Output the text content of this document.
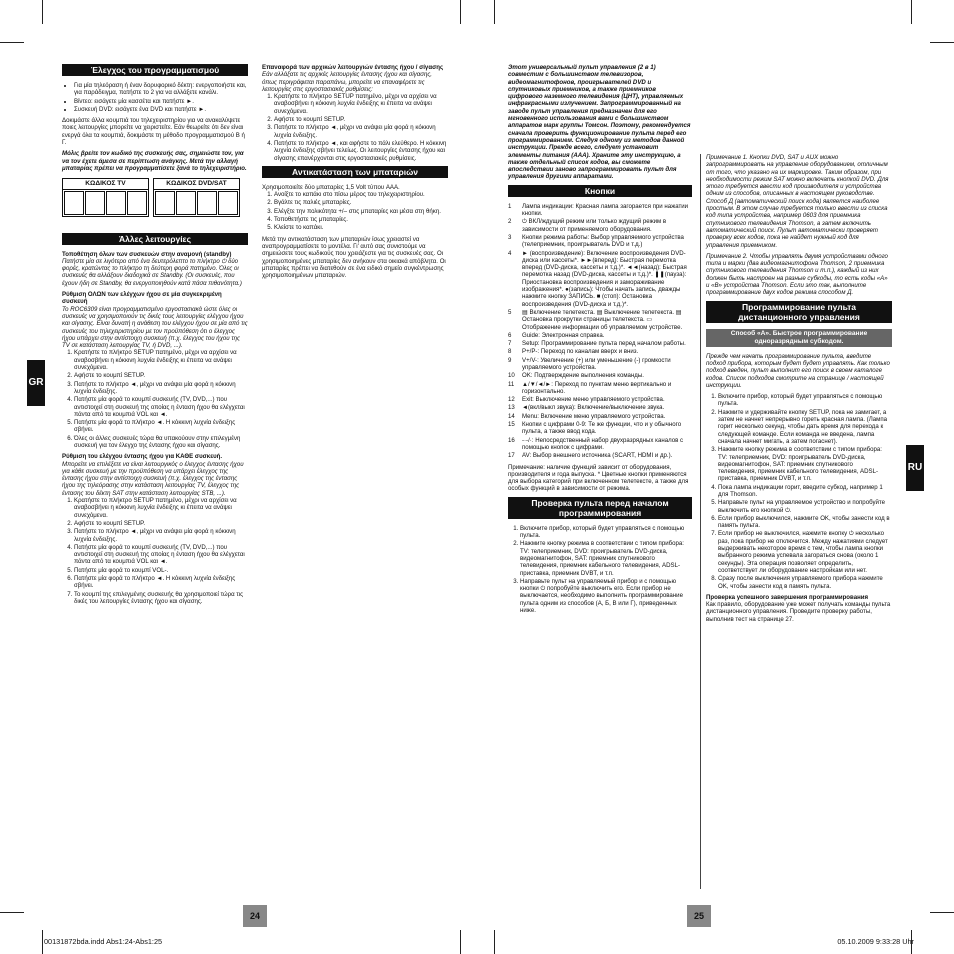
GR
RU
Έλεγχος του προγραμματισμού
• Για μία τηλεόραση ή έναν δορυφορικό δέκτη: ενεργοποιήστε και, για παράδειγμα, πατήστε το 2 για να αλλάξετε κανάλι.
• Βίντεο: εισάγετε μία κασσέτα και πατήστε ►.
• Συσκευή DVD: εισάγετε ένα DVD και πατήστε ►.

Δοκιμάστε άλλα κουμπιά του τηλεχειριστηρίου για να ανακαλύψετε ποιες λειτουργίες μπορείτε να χειριστείτε. Εάν θεωρείτε ότι δεν είναι ενεργά όλα τα κουμπιά, δοκιμάστε τη μέθοδο προγραμματισμού Β ή Γ.

Μόλις βρείτε τον κωδικό της συσκευής σας, σημειώστε τον, για να τον έχετε άμεσα σε περίπτωση ανάγκης. Μετά την αλλαγή μπαταρίας πρέπει να προγραμματίσετε ξανά το τηλεχειριστήριο.

ΚΩΔΙΚΟΣ TV	ΚΩΔΙΚΟΣ DVD/SAT
Άλλες λειτουργίες

Τοποθέτηση όλων των συσκευών στην αναμονή (standby)

Πατήστε μία σε λιγότερο από ένα δευτερόλεπτο το πλήκτρο ⏻ δύο φορές, κρατώντας το πλήκτρο τη δεύτερη φορά πατημένο. Όλες οι συσκευές θα αλλάξουν διαδοχικά σε Standby. (Οι συσκευές, που έχουν ήδη σε Standby, θα ενεργοποιηθούν κατά πάσα πιθανότητα.)

Ρύθμιση ΟΛΩΝ των ελέγχων ήχου σε μία συγκεκριμένη συσκευή

Το ROC6309 είναι προγραμματισμένο εργοστασιακά ώστε όλες οι συσκευές να χρησιμοποιούν τις δικές τους λειτουργίες ελέγχου ήχου και σίγασης. Είναι δυνατή η ανάθεση του ελέγχου ήχου σε μία από τις συσκευές του τηλεχειριστηρίου με τον προϋπόθεση ότι ο έλεγχος ήχου υπάρχει στην αντίστοιχη συσκευή (π.χ. έλεγχος του ήχου της TV σε κατάσταση λειτουργίας TV, ή DVD, ...).

1. Κρατήστε το πλήκτρο SETUP πατημένο, μέχρι να αρχίσει να αναβοσβήνει η κόκκινη λυχνία ένδειξης κι έπειτα να ανάψει συνεχόμενα.
2. Αφήστε το κουμπί SETUP.
3. Πατήστε το πλήκτρο ◄, μέχρι να ανάψει μία φορά η κόκκινη λυχνία ένδειξης.
4. Πατήστε μία φορά το κουμπί συσκευής (TV, DVD,...) που αντιστοιχεί στη συσκευή της οποίας η ένταση ήχου θα ελέγχεται πάντα από τα κουμπιά VOL και ◄.
5. Πατήστε μία φορά το πλήκτρο ◄. Η κόκκινη λυχνία ένδειξης σβήνει.
6. Όλες οι άλλες συσκευές τώρα θα υπακούουν στην επιλεγμένη συσκευή για τον έλεγχο της έντασης ήχου και σίγασης.

Ρύθμιση του ελέγχου έντασης ήχου για ΚΑΘΕ συσκευή.

Μπορείτε να επιλέξετε να είναι λειτουργικός ο έλεγχος έντασης ήχου για κάθε συσκευή με την προϋπόθεση να υπάρχει έλεγχος της έντασης ήχου στην αντίστοιχη συσκευή (π.χ. έλεγχος της έντασης ήχου της τηλεόρασης στην κατάσταση λειτουργίας TV, έλεγχος της έντασης του δέκτη SAT στην κατάσταση λειτουργίας STB, ...).

1. Κρατήστε το πλήκτρο SETUP πατημένο, μέχρι να αρχίσει να αναβοσβήνει η κόκκινη λυχνία ένδειξης κι έπειτα να ανάψει συνεχόμενα.
2. Αφήστε το κουμπί SETUP.
3. Πατήστε το πλήκτρο ◄, μέχρι να ανάψει μία φορά η κόκκινη λυχνία ένδειξης.
4. Πατήστε μία φορά το κουμπί συσκευής (TV, DVD,...) που αντιστοιχεί στη συσκευή της οποίας η ένταση ήχου θα ελέγχεται πάντα από τα κουμπιά VOL και ◄.
5. Πατήστε μία φορά το κουμπί VOL-.
6. Πατήστε μία φορά το πλήκτρο ◄. Η κόκκινη λυχνία ένδειξης σβήνει.
7. Το κουμπί της επιλεγμένης συσκευής θα χρησιμοποιεί τώρα τις δικές του λειτουργίες έντασης ήχου και σίγασης.

Επαναφορά των αρχικών λειτουργιών έντασης ήχου / σίγασης

Εάν αλλάξατε τις αρχικές λειτουργίες έντασης ήχου και σίγασης, όπως περιγράφεται παραπάνω, μπορείτε να επαναφέρετε τις λειτουργίες στις εργοστασιακές ρυθμίσεις:

1. Κρατήστε το πλήκτρο SETUP πατημένο, μέχρι να αρχίσει να αναβοσβήνει η κόκκινη λυχνία ένδειξης κι έπειτα να ανάψει συνεχόμενα.
2. Αφήστε το κουμπί SETUP.
3. Πατήστε το πλήκτρο ◄, μέχρι να ανάψει μία φορά η κόκκινη λυχνία ένδειξης.
4. Πατήστε το πλήκτρο ◄, και αφήστε το πάλι ελεύθερο. Η κόκκινη λυχνία ένδειξης σβήνει τελείως. Οι λειτουργίες έντασης ήχου και σίγασης επανέρχονται στις εργοστασιακές ρυθμίσεις.
Αντικατάσταση των μπαταριών

Χρησιμοποιείτε δύο μπαταρίες 1,5 Volt τύπου AAA.

1. Ανοίξτε το καπάκι στο πίσω μέρος του τηλεχειριστηρίου.
2. Βγάλτε τις παλιές μπαταρίες.
3. Ελέγξτε την πολικότητα +/– στις μπαταρίες και μέσα στη θήκη.
4. Τοποθετήστε τις μπαταρίες.
5. Κλείστε το καπάκι.

Μετά την αντικατάσταση των μπαταριών ίσως χρειαστεί να αναπρογραμματίσετε το μοντέλα. Γι' αυτό σας συνιστούμε να σημειώσετε τους κωδικούς που χρειάζεστε για τις συσκευές σας. Οι χρησιμοποιημένες μπαταρίες δεν ανήκουν στα οικιακά απόβλητα. Οι μπαταρίες πρέπει να διατεθούν σε ένα ειδικό σημείο συγκέντρωσης χρησιμοποιημένων μπαταριών.

Этот универсальный пульт управления (2 в 1) совместим с большинством телевизоров, видеомагнитофонов, проигрывателей DVD и спутниковых приемников, а также приемников цифрового наземного телевидения (ЦНТ), управляемых инфракрасными излучением. Запрограммированный на заводе пульт управления предназначен для его мгновенного использования вами с большинством аппаратов марк группы Томсон. Поэтому, рекомендуется сначала проверить функционирование пульта перед его программированием. Следуя одному из методов данной инструкции. Прежде всего, следует установит элементы питания (AAA). Храните эту инструкцию, а также отдельный список кодов, вы сможете впоследствии заново запрограммировать пульт для управления другими аппаратами.

Кнопки
1	Лампа индикации: Красная лампа загорается при нажатии кнопки.
2	⏻ ВКЛ/ждущий режим или только ждущий режим в зависимости от применяемого оборудования.
3	Кнопки режима работы: Выбор управляемого устройства (телеприемник, проигрыватель DVD и т.д.)
4	► (воспроизведение): Включение воспроизведения DVD-диска или кассеты*. ►►(вперед): Быстрая перемотка вперед (DVD-диска, кассеты и т.д.)*. ◄◄(назад): Быстрая перемотка назад (DVD-диска, кассеты и т.д.)*. ❚❚(пауза): Приостановка воспроизведения и замораживание изображения*. ●(запись): Чтобы начать запись, дважды нажмите кнопку ЗАПИСЬ. ■ (стоп): Остановка воспроизведения (DVD-диска и т.д.)*.
5	▤ Включение телетекста. ▤ Выключение телетекста. ▤ Остановка прокрутки страницы телетекста. ▭ Отображение информации об управляемом устройстве.
6	Guide: Электронная справка.
7	Setup: Программирование пульта перед началом работы.
8	P+/P-: Переход по каналам вверх и вниз.
9	V+/V-: Увеличение (+) или уменьшение (-) громкости управляемого устройства.
10	OK: Подтверждение выполнения команды.
11	▲/▼/◄/►: Переход по пунктам меню вертикально и горизонтально.
12	Exit: Выключение меню управляемого устройства.
13	◄(вкл/выкл звука): Включение/выключение звука.
14	Menu: Включение меню управляемого устройства.
15	Кнопки с цифрами 0-9: Те же функции, что и у обычного пульта, а также ввод кода.
16	-·-/·: Непосредственный набор двухразрядных каналов с помощью кнопок с цифрами.
17	AV: Выбор внешнего источника (SCART, HDMI и др.).

Примечание: наличие функций зависит от оборудования, производителя и года выпуска. * Цветные кнопки применяются для выбора категорий при включенном телетексте, а также для особых функций в зависимости от режима.

Проверка пульта перед началом программирования
1. Включите прибор, который будет управляться с помощью пульта.
2. Нажмите кнопку режима в соответствии с типом прибора: TV: телеприемник, DVD: проигрыватель DVD-диска, видеомагнитофон, SAT: приемник спутникового телевидения, приемник кабельного телевидения, ADSL-приставка, приемник DVBT, и т.п.
3. Направьте пульт на управляемый прибор и с помощью кнопки ⏻ попробуйте выключить его. Если прибор не выключается, необходимо выполнить программирование пульта одним из способов (А, Б, В или Г), приведенных ниже.

Примечание 1. Кнопки DVD, SAT и AUX можно запрограммировать на управление оборудованием, отличным от того, что указано на их маркировке. Таким образом, при необходимости режим SAT можно включать кнопкой DVD. Для этого требуется ввести код производителя и устройства одним из способов, описанных в настоящем руководстве. Способ Д (автоматический поиск кода) является наиболее простым. В этом случае требуется только ввести из списка код типа устройства, например 0603 для приемника спутникового телевидения Thomson, а затем включить автоматический поиск. Пульт автоматически проверяет проверку всех кодов, пока не найдет нужный код для управления приемником.

Примечание 2. Чтобы управлять двумя устройствами одного типа и марки (два видеомагнитофона Thomson, 2 приемника спутникового телевидения Thomson и т.п.), каждый из них должен быть настроен на разные субкоды, то есть коды «А» и «В» устройства Thomson. Если это так, выполните программирование двух кодов режима способом Д.

Программирование пульта дистанционного управления
Способ «А». Быстрое программирование одноразрядным субкодом.

Прежде чем начать программирование пульта, введите подход прибора, которым будет будет управлять. Как только подход введен, пульт выполнит его поиск в своем каталоге кодов. Список подходов смотрите на странице / настоящей инструкции.

1. Включите прибор, который будет управляться с помощью пульта.
2. Нажмите и удерживайте кнопку SETUP, пока не замигает, а затем не начнет непрерывно гореть красная лампа. (Лампа горит несколько секунд, чтобы дать время для перехода к следующей команде. Если команда не введена, лампа сначала начнет мигать, а затем погаснет).
3. Нажмите кнопку режима в соответствии с типом прибора: TV: телеприемник, DVD: проигрыватель DVD-диска, видеомагнитофон, SAT: приемник спутникового телевидения, приемник кабельного телевидения, ADSL-приставка, приемник DVBT, и т.п.
4. Пока лампа индикации горит, введите субкод, например 1 для Thomson.
5. Направьте пульт на управляемое устройство и попробуйте выключить его кнопкой ⏻.
6. Если прибор выключился, нажмите OK, чтобы занести код в память пульта.
7. Если прибор не выключился, нажмите кнопку ⏻ несколько раз, пока прибор не отключится. Между нажатиями следует выдерживать некоторое время с тем, чтобы лампа кнопки выбранного режима успевала загораться снова (около 1 секунды). Эта операция позволяет определить, соответствует ли оборудование настройкам или нет.
8. Сразу после выключения управляемого прибора нажмите OK, чтобы занести код в память пульта.

Проверка успешного завершения программирования

Как правило, оборудование уже может получать команды пульта дистанционного управления. Проведите проверку работы, выполнив тест на странице 27.

24	25
00131872bda.indd Abs1:24-Abs1:25	05.10.2009 9:33:28 Uhr
